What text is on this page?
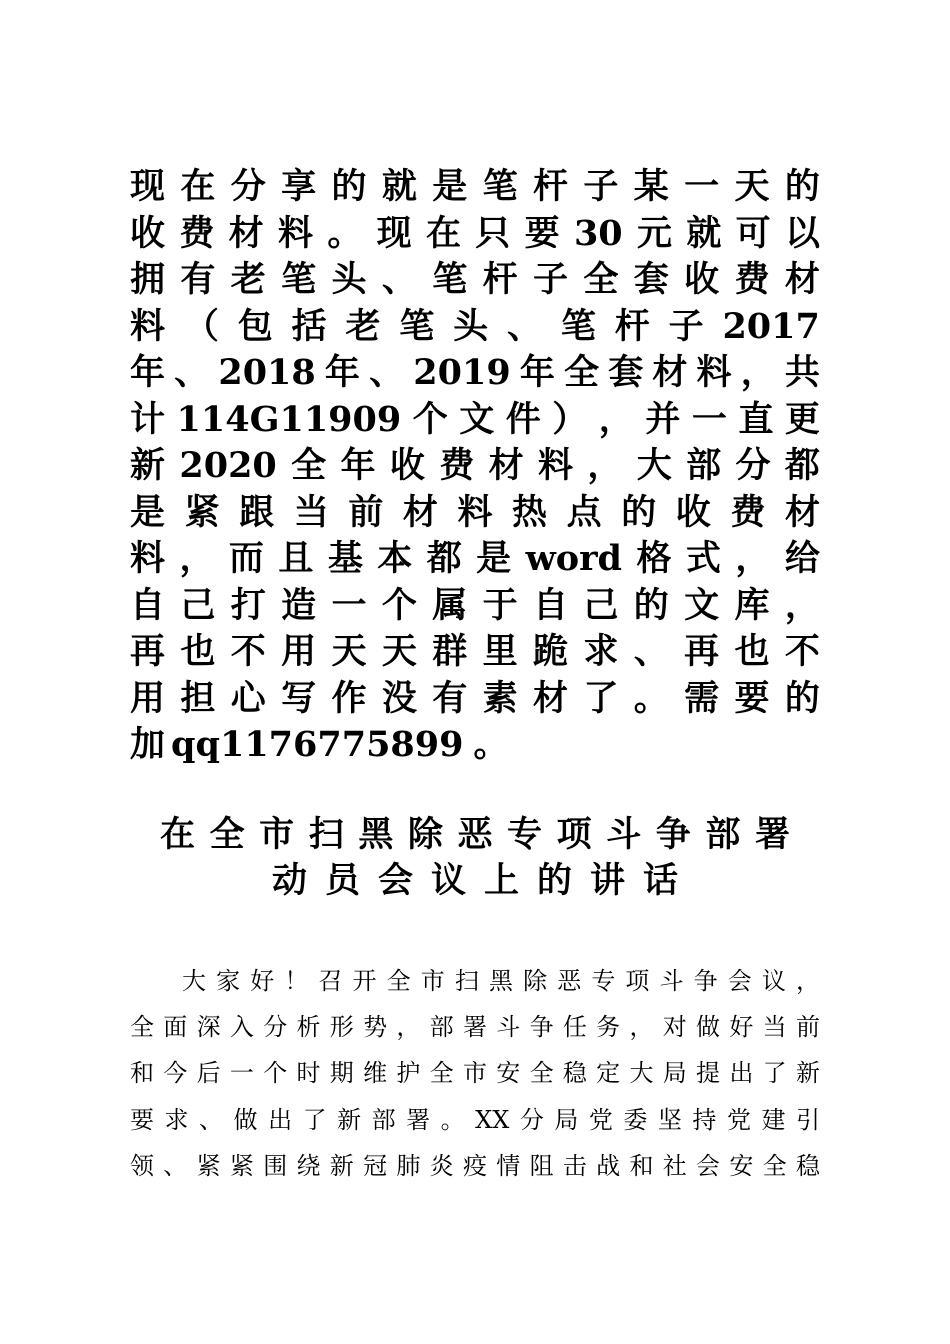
现 在 分 享 的 就 是 笔 杆 子 某 一 天 的
收 费 材 料 。 现 在 只 要 30 元 就 可 以
拥 有 老 笔 头 、 笔 杆 子 全 套 收 费 材
料 （ 包 括 老 笔 头 、 笔 杆 子 2017
年 、 2018 年 、 2019 年 全 套 材 料 ， 共
计 114G11909 个 文 件 ） ， 并 一 直 更
新 2020 全 年 收 费 材 料 ， 大 部 分 都
是 紧 跟 当 前 材 料 热 点 的 收 费 材
料 ， 而 且 基 本 都 是 word 格 式 ， 给
自 己 打 造 一 个 属 于 自 己 的 文 库 ，
再 也 不 用 天 天 群 里 跪 求 、 再 也 不
用 担 心 写 作 没 有 素 材 了 。 需 要 的
加 qq1176775899 。
在 全 市 扫 黑 除 恶 专 项 斗 争 部 署
动 员 会 议 上 的 讲 话
大 家 好 ！ 召 开 全 市 扫 黑 除 恶 专 项 斗 争 会 议 ，
全 面 深 入 分 析 形 势 ， 部 署 斗 争 任 务 ， 对 做 好 当 前
和 今 后 一 个 时 期 维 护 全 市 安 全 稳 定 大 局 提 出 了 新
要 求 、 做 出 了 新 部 署 。 XX 分 局 党 委 坚 持 党 建 引
领 、 紧 紧 围 绕 新 冠 肺 炎 疫 情 阻 击 战 和 社 会 安 全 稳
